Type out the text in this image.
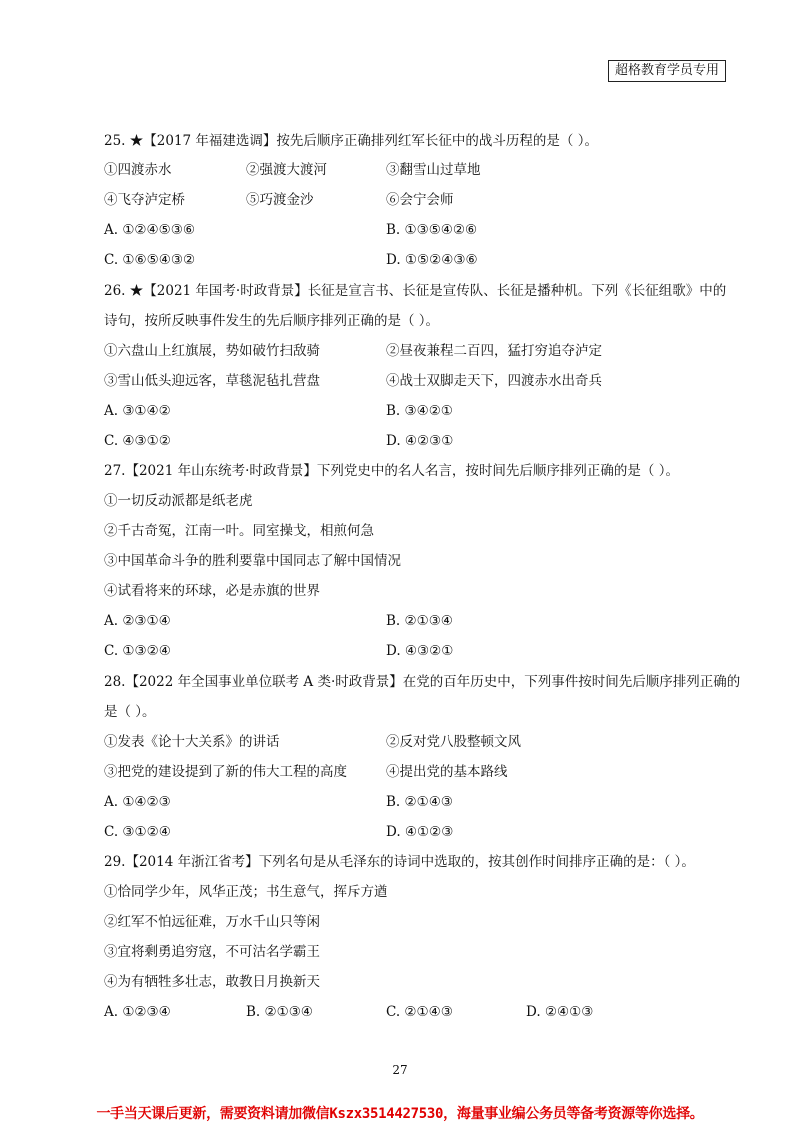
超格教育学员专用
25. ★【2017 年福建选调】按先后顺序正确排列红军长征中的战斗历程的是（ ）。
①四渡赤水	②强渡大渡河	③翻雪山过草地
④飞夺泸定桥	⑤巧渡金沙	⑥会宁会师
A. ①②④⑤③⑥	B. ①③⑤④②⑥
C. ①⑥⑤④③②	D. ①⑤②④③⑥
26. ★【2021 年国考·时政背景】长征是宣言书、长征是宣传队、长征是播种机。下列《长征组歌》中的
诗句，按所反映事件发生的先后顺序排列正确的是（ ）。
①六盘山上红旗展，势如破竹扫敌骑	②昼夜兼程二百四，猛打穷追夺泸定
③雪山低头迎远客，草毯泥毡扎营盘	④战士双脚走天下，四渡赤水出奇兵
A. ③①④②	B. ③④②①
C. ④③①②	D. ④②③①
27.【2021 年山东统考·时政背景】下列党史中的名人名言，按时间先后顺序排列正确的是（ ）。
①一切反动派都是纸老虎
②千古奇冤，江南一叶。同室操戈，相煎何急
③中国革命斗争的胜利要靠中国同志了解中国情况
④试看将来的环球，必是赤旗的世界
A. ②③①④	B. ②①③④
C. ①③②④	D. ④③②①
28.【2022 年全国事业单位联考 A 类·时政背景】在党的百年历史中，下列事件按时间先后顺序排列正确的
是（ ）。
①发表《论十大关系》的讲话	②反对党八股整顿文风
③把党的建设提到了新的伟大工程的高度	④提出党的基本路线
A. ①④②③	B. ②①④③
C. ③①②④	D. ④①②③
29.【2014 年浙江省考】下列名句是从毛泽东的诗词中选取的，按其创作时间排序正确的是：（ ）。
①恰同学少年，风华正茂；书生意气，挥斥方遒
②红军不怕远征难，万水千山只等闲
③宜将剩勇追穷寇，不可沽名学霸王
④为有牺牲多壮志，敢教日月换新天
A. ①②③④	B. ②①③④	C. ②①④③	D. ②④①③
27
一手当天课后更新，需要资料请加微信Kszx3514427530，海量事业编公务员等备考资源等你选择。
